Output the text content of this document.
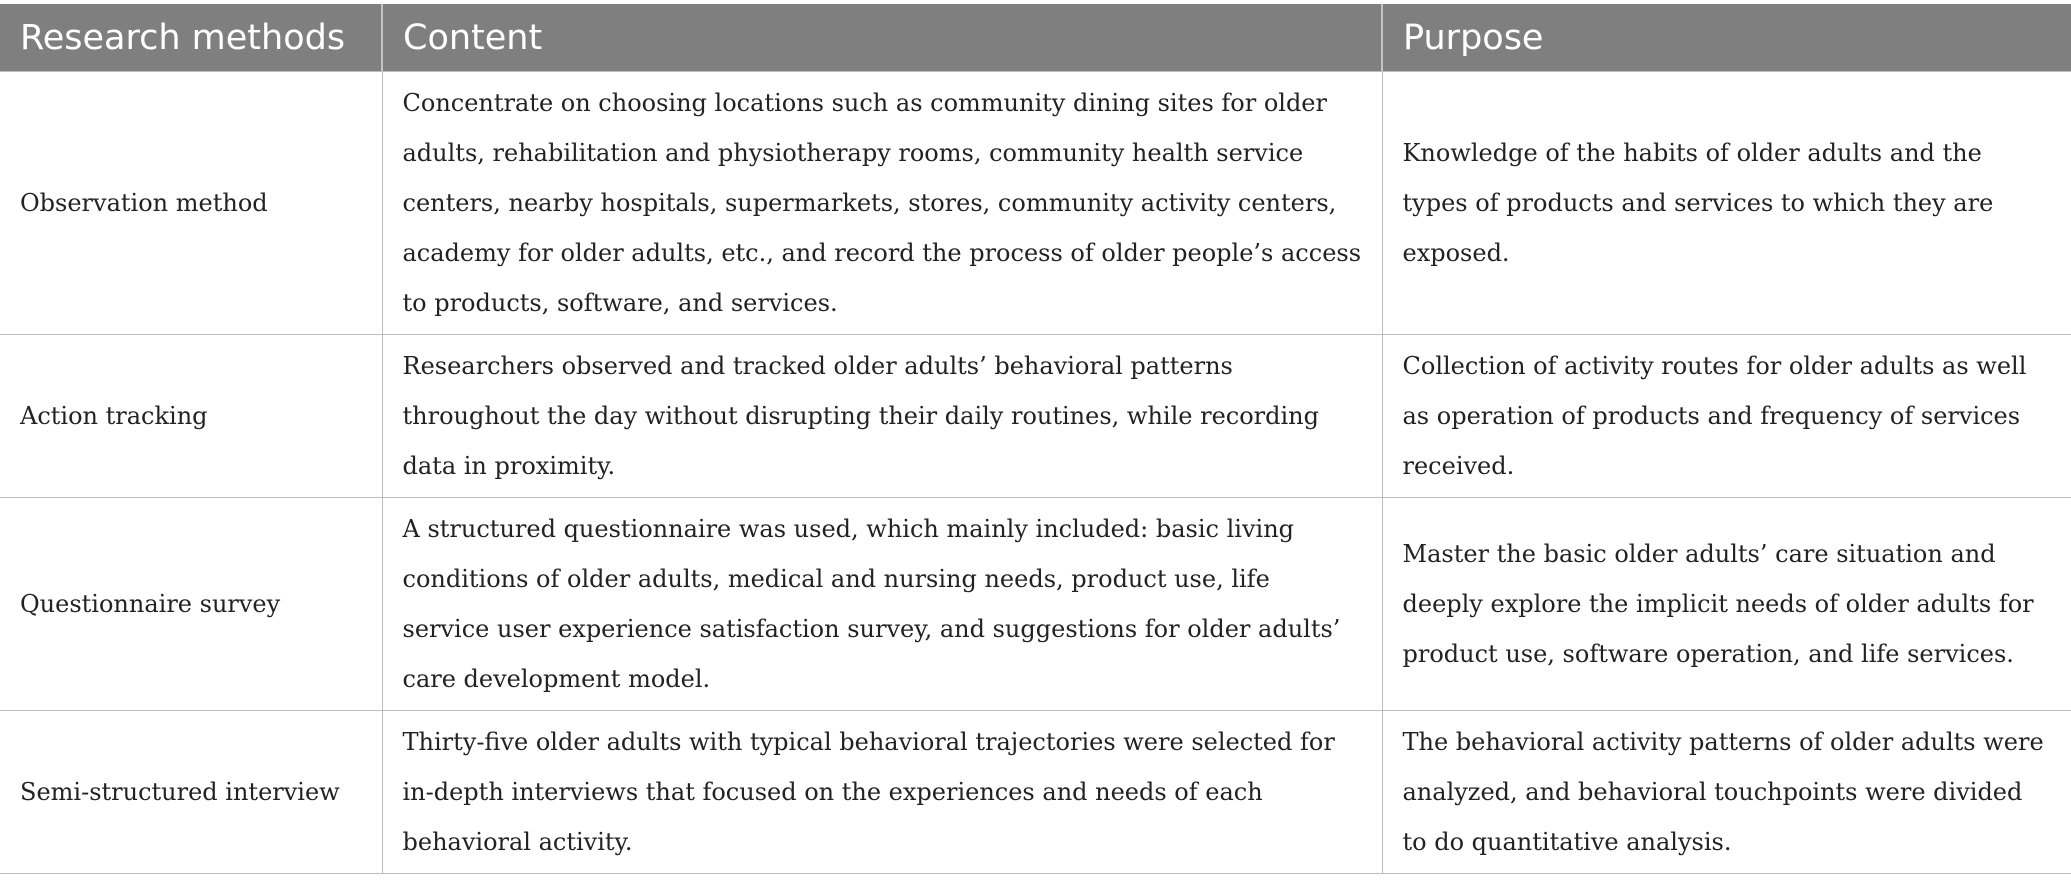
Research methods	Content	Purpose
Observation method	Concentrate on choosing locations such as community dining sites for older adults, rehabilitation and physiotherapy rooms, community health service centers, nearby hospitals, supermarkets, stores, community activity centers, academy for older adults, etc., and record the process of older people’s access to products, software, and services.	Knowledge of the habits of older adults and the types of products and services to which they are exposed.
Action tracking	Researchers observed and tracked older adults’ behavioral patterns throughout the day without disrupting their daily routines, while recording data in proximity.	Collection of activity routes for older adults as well as operation of products and frequency of services received.
Questionnaire survey	A structured questionnaire was used, which mainly included: basic living conditions of older adults, medical and nursing needs, product use, life service user experience satisfaction survey, and suggestions for older adults’ care development model.	Master the basic older adults’ care situation and deeply explore the implicit needs of older adults for product use, software operation, and life services.
Semi-structured interview	Thirty-five older adults with typical behavioral trajectories were selected for in-depth interviews that focused on the experiences and needs of each behavioral activity.	The behavioral activity patterns of older adults were analyzed, and behavioral touchpoints were divided to do quantitative analysis.
